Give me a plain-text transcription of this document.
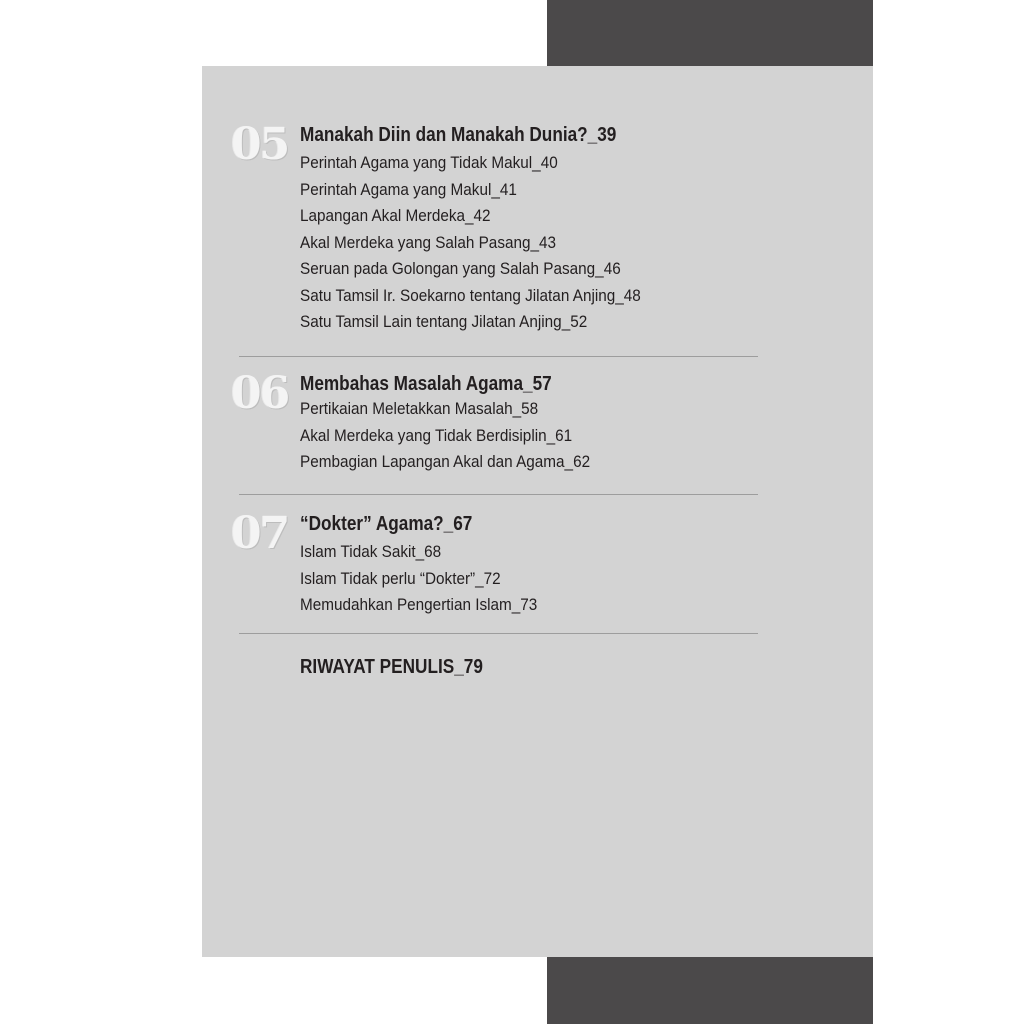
05 Manakah Diin dan Manakah Dunia?_39
Perintah Agama yang Tidak Makul_40
Perintah Agama yang Makul_41
Lapangan Akal Merdeka_42
Akal Merdeka yang Salah Pasang_43
Seruan pada Golongan yang Salah Pasang_46
Satu Tamsil Ir. Soekarno tentang Jilatan Anjing_48
Satu Tamsil Lain tentang Jilatan Anjing_52
06 Membahas Masalah Agama_57
Pertikaian Meletakkan Masalah_58
Akal Merdeka yang Tidak Berdisiplin_61
Pembagian Lapangan Akal dan Agama_62
07 “Dokter” Agama?_67
Islam Tidak Sakit_68
Islam Tidak perlu “Dokter”_72
Memudahkan Pengertian Islam_73
RIWAYAT PENULIS_79
